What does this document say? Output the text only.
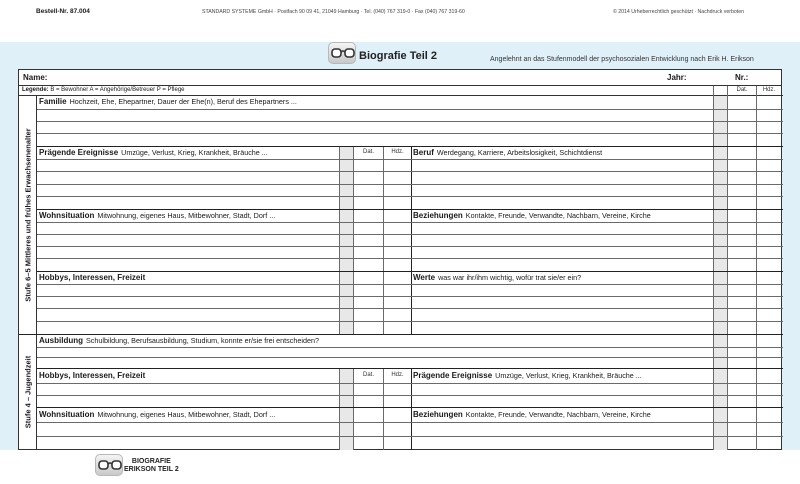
Bestell-Nr. 87.004	STANDARD SYSTEME GmbH · Postfach 90 09 41, 21049 Hamburg · Tel. (040) 767 319-0 · Fax (040) 767 319-60	© 2014 Urheberrechtlich geschützt · Nachdruck verboten
Biografie Teil 2	Angelehnt an das Stufenmodell der psychosozialen Entwicklung nach Erik H. Erikson
Name:	Jahr:	Nr.:
Legende: B = Bewohner A = Angehörige/Betreuer P = Pflege	Dat.	Hdz.
Stufe 6–5 Mittleres und frühes Erwachsenenalter
Stufe 4 – Jugendzeit
Familie Hochzeit, Ehe, Ehepartner, Dauer der Ehe(n), Beruf des Ehepartners ...
Prägende Ereignisse Umzüge, Verlust, Krieg, Krankheit, Bräuche ...	Dat.	Hdz.	Beruf Werdegang, Karriere, Arbeitslosigkeit, Schichtdienst
Wohnsituation Mitwohnung, eigenes Haus, Mitbewohner, Stadt, Dorf ...	Beziehungen Kontakte, Freunde, Verwandte, Nachbarn, Vereine, Kirche
Hobbys, Interessen, Freizeit	Werte was war ihr/ihm wichtig, wofür trat sie/er ein?
Ausbildung Schulbildung, Berufsausbildung, Studium, konnte er/sie frei entscheiden?
Hobbys, Interessen, Freizeit	Dat.	Hdz.	Prägende Ereignisse Umzüge, Verlust, Krieg, Krankheit, Bräuche ...
Wohnsituation Mitwohnung, eigenes Haus, Mitbewohner, Stadt, Dorf ...	Beziehungen Kontakte, Freunde, Verwandte, Nachbarn, Vereine, Kirche
BIOGRAFIE
ERIKSON TEIL 2
